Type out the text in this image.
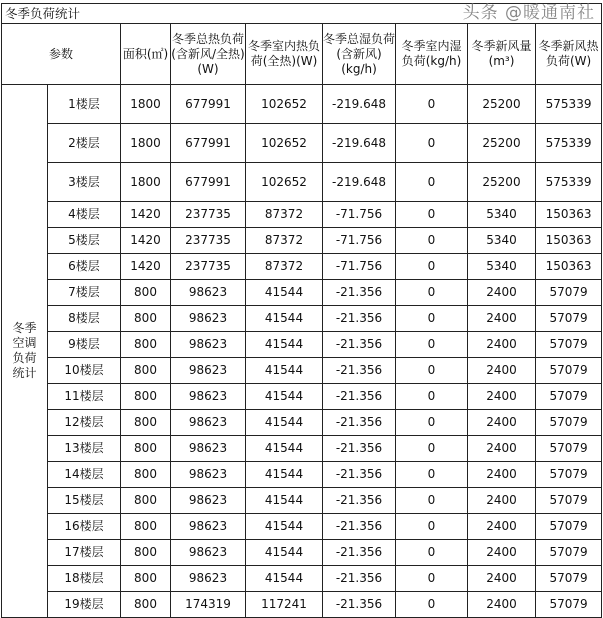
冬季负荷统计								
参数		面积(㎡)	冬季总热负荷(含新风/全热)(W)	冬季室内热负荷(全热)(W)	冬季总湿负荷(含新风)(kg/h)	冬季室内湿负荷(kg/h)	冬季新风量(m³)	冬季新风热负荷(W)
冬季空调负荷统计	1楼层	1800	677991	102652	-219.648	0	25200	575339
	2楼层	1800	677991	102652	-219.648	0	25200	575339
	3楼层	1800	677991	102652	-219.648	0	25200	575339
	4楼层	1420	237735	87372	-71.756	0	5340	150363
	5楼层	1420	237735	87372	-71.756	0	5340	150363
	6楼层	1420	237735	87372	-71.756	0	5340	150363
	7楼层	800	98623	41544	-21.356	0	2400	57079
	8楼层	800	98623	41544	-21.356	0	2400	57079
	9楼层	800	98623	41544	-21.356	0	2400	57079
	10楼层	800	98623	41544	-21.356	0	2400	57079
	11楼层	800	98623	41544	-21.356	0	2400	57079
	12楼层	800	98623	41544	-21.356	0	2400	57079
	13楼层	800	98623	41544	-21.356	0	2400	57079
	14楼层	800	98623	41544	-21.356	0	2400	57079
	15楼层	800	98623	41544	-21.356	0	2400	57079
	16楼层	800	98623	41544	-21.356	0	2400	57079
	17楼层	800	98623	41544	-21.356	0	2400	57079
	18楼层	800	98623	41544	-21.356	0	2400	57079
	19楼层	800	174319	117241	-21.356	0	2400	57079
头条 @暖通南社
